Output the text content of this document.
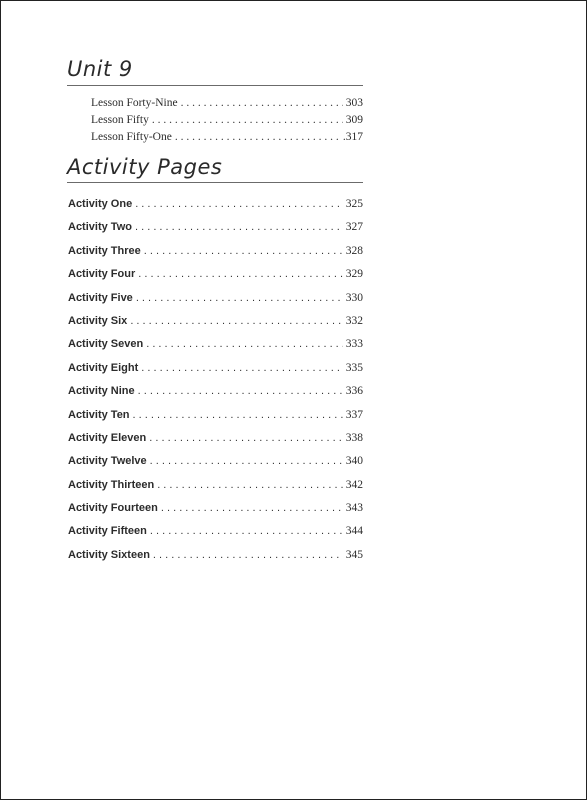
Unit 9
Lesson Forty-Nine . . .	303
Lesson Fifty . . .	309
Lesson Fifty-One . . .	.317
Activity Pages
Activity One . . .	325
Activity Two . . .	327
Activity Three . . .	328
Activity Four . . .	329
Activity Five . . .	330
Activity Six . . .	332
Activity Seven . . .	333
Activity Eight . . .	335
Activity Nine . . .	336
Activity Ten . . .	337
Activity Eleven . . .	338
Activity Twelve . . .	340
Activity Thirteen . . .	342
Activity Fourteen . . .	343
Activity Fifteen . . .	344
Activity Sixteen . . .	345
